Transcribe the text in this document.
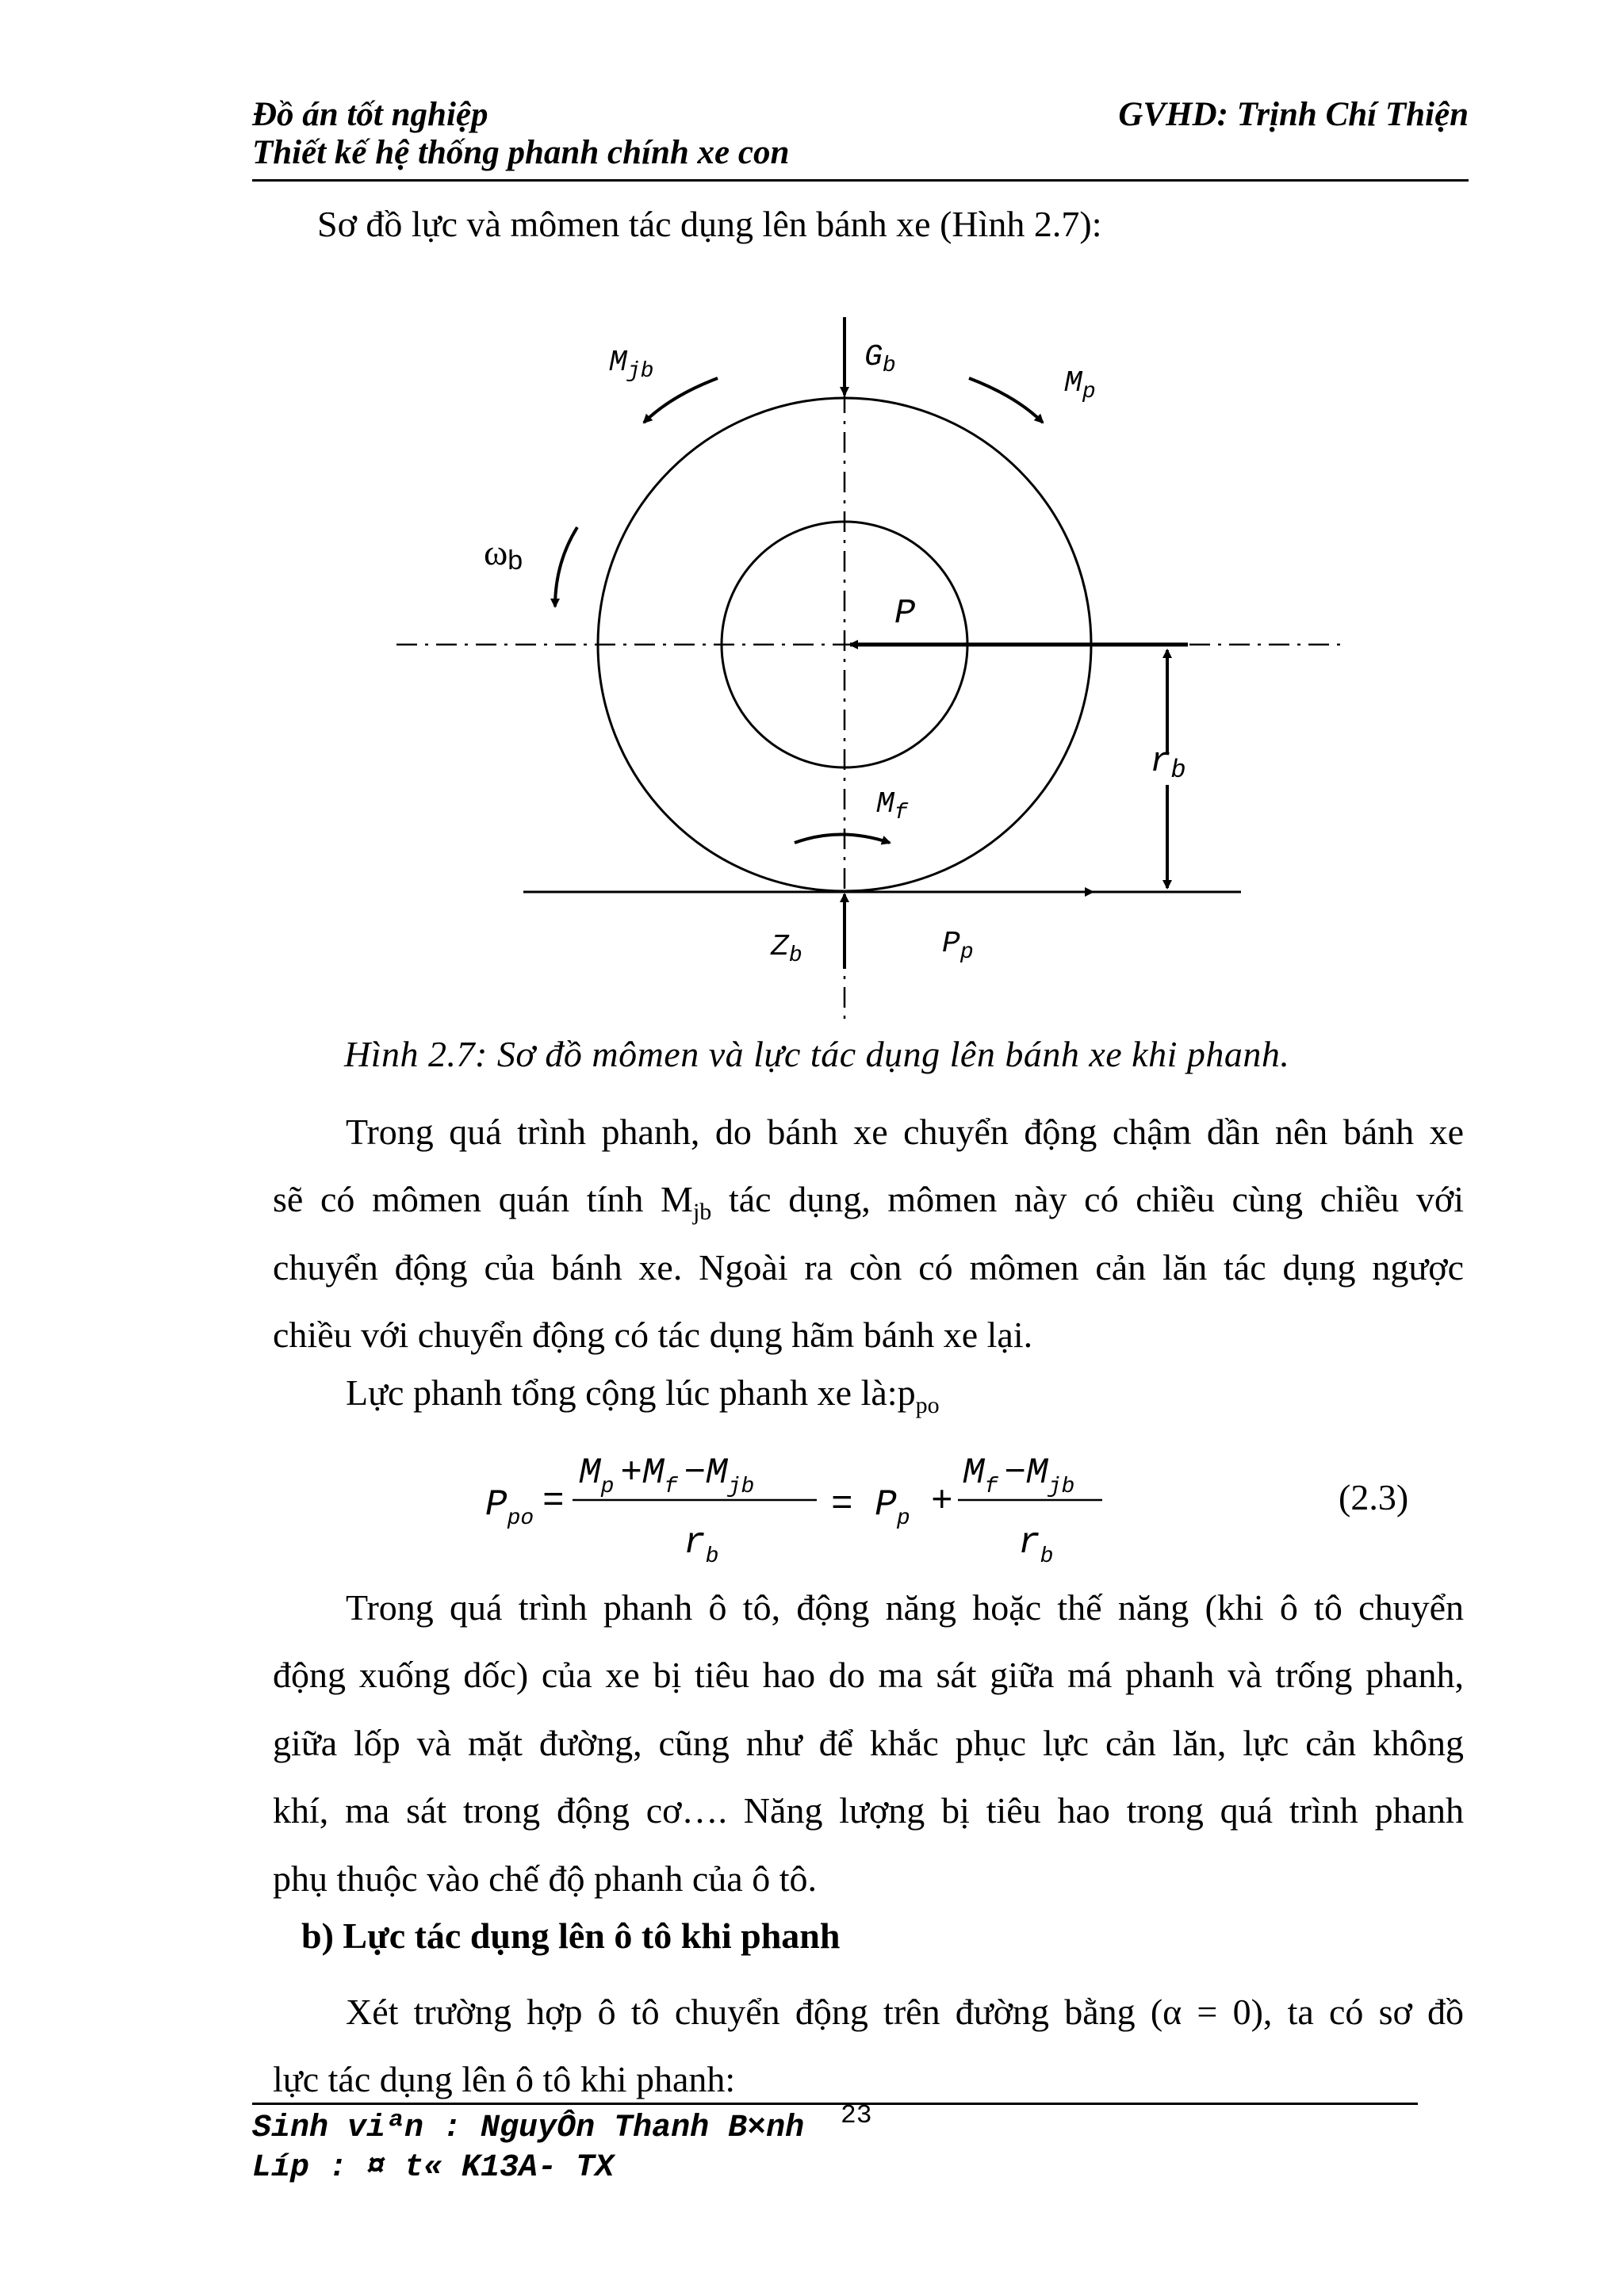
Đồ án tốt nghiệp
Thiết kế hệ thống phanh chính xe con
GVHD: Trịnh Chí Thiện
Sơ đồ lực và mômen tác dụng lên bánh xe (Hình 2.7):
$M_{jb}$	$G_b$
$M_p$
ωb
P
rb
$M_f$
$Z_b$	$P_p$
Hình 2.7: Sơ đồ mômen và lực tác dụng lên bánh xe khi phanh.
Trong quá trình phanh, do bánh xe chuyển động chậm dần nên bánh xe
sẽ có mômen quán tính $M_{jb}$ tác dụng, mômen này có chiều cùng chiều với
chuyển động của bánh xe. Ngoài ra còn có mômen cản lăn tác dụng ngược
chiều với chuyển động có tác dụng hãm bánh xe lại.
Lực phanh tổng cộng lúc phanh xe $là:p_{po}$
$P_{po}$ =
$M_p +M_f -M_{jb}$
$r_b$
= $P_p$ +
$M_f -M_{jb}$
$r_b$
(2.3)
Trong quá trình phanh ô tô, động năng hoặc thế năng (khi ô tô chuyển
động xuống dốc) của xe bị tiêu hao do ma sát giữa má phanh và trống phanh,
giữa lốp và mặt đường, cũng như để khắc phục lực cản lăn, lực cản không
khí, ma sát trong động cơ…. Năng lượng bị tiêu hao trong quá trình phanh
phụ thuộc vào chế độ phanh của ô tô.
b) Lực tác dụng lên ô tô khi phanh
Xét trường hợp ô tô chuyển động trên đường bằng (α = 0), ta có sơ đồ
lực tác dụng lên ô tô khi phanh:
Sinh viªn : NguyÔn Thanh B×nh 23
Líp : ¤ t« K13A- TX
